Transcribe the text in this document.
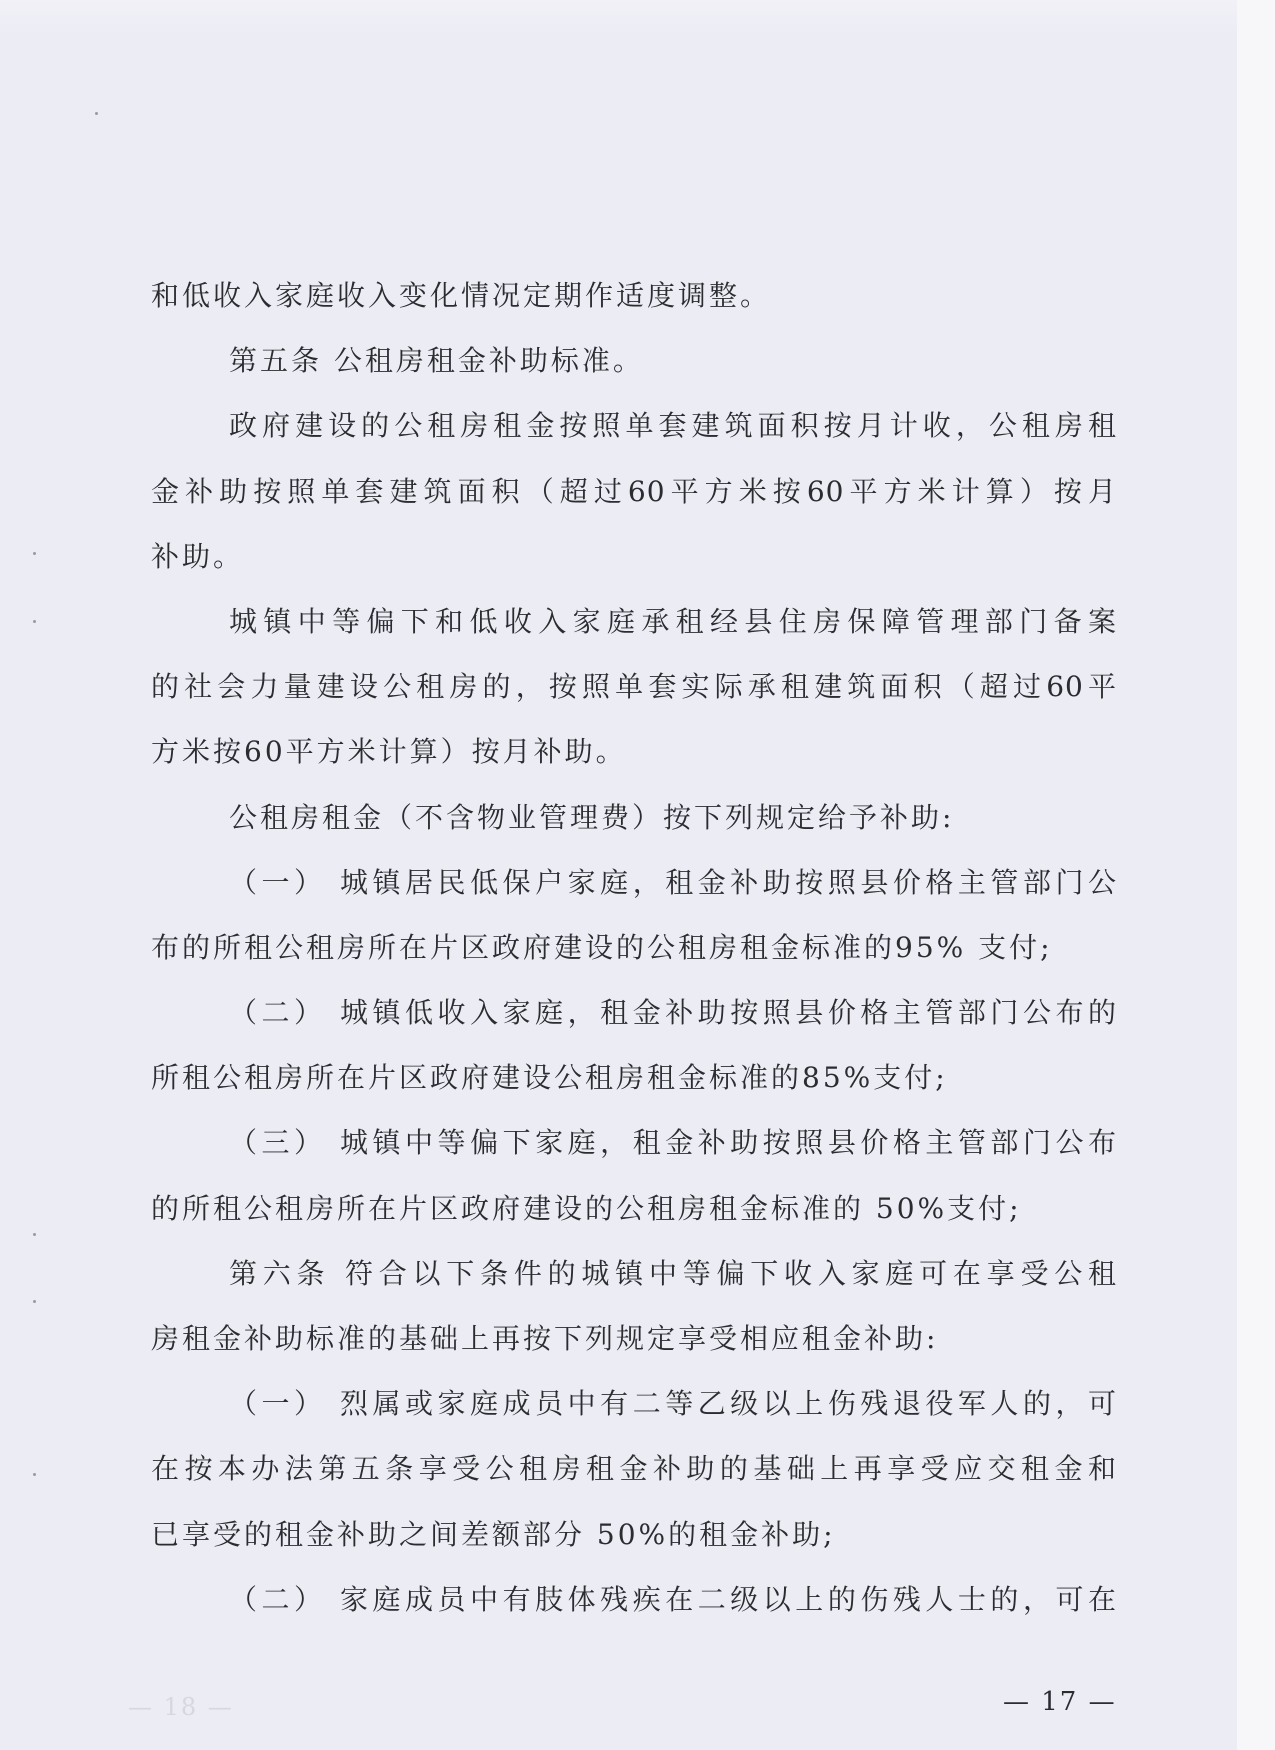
和低收入家庭收入变化情况定期作适度调整。
第五条 公租房租金补助标准。
政府建设的公租房租金按照单套建筑面积按月计收，公租房租
金补助按照单套建筑面积（超过60平方米按60平方米计算）按月
补助。
城镇中等偏下和低收入家庭承租经县住房保障管理部门备案
的社会力量建设公租房的，按照单套实际承租建筑面积（超过60平
方米按60平方米计算）按月补助。
公租房租金（不含物业管理费）按下列规定给予补助:
（一） 城镇居民低保户家庭，租金补助按照县价格主管部门公
布的所租公租房所在片区政府建设的公租房租金标准的95% 支付;
（二） 城镇低收入家庭，租金补助按照县价格主管部门公布的
所租公租房所在片区政府建设公租房租金标准的85%支付;
（三） 城镇中等偏下家庭，租金补助按照县价格主管部门公布
的所租公租房所在片区政府建设的公租房租金标准的 50%支付;
第六条 符合以下条件的城镇中等偏下收入家庭可在享受公租
房租金补助标准的基础上再按下列规定享受相应租金补助:
（一） 烈属或家庭成员中有二等乙级以上伤残退役军人的，可
在按本办法第五条享受公租房租金补助的基础上再享受应交租金和
已享受的租金补助之间差额部分 50%的租金补助;
（二） 家庭成员中有肢体残疾在二级以上的伤残人士的，可在
— 18 —	— 17 —
